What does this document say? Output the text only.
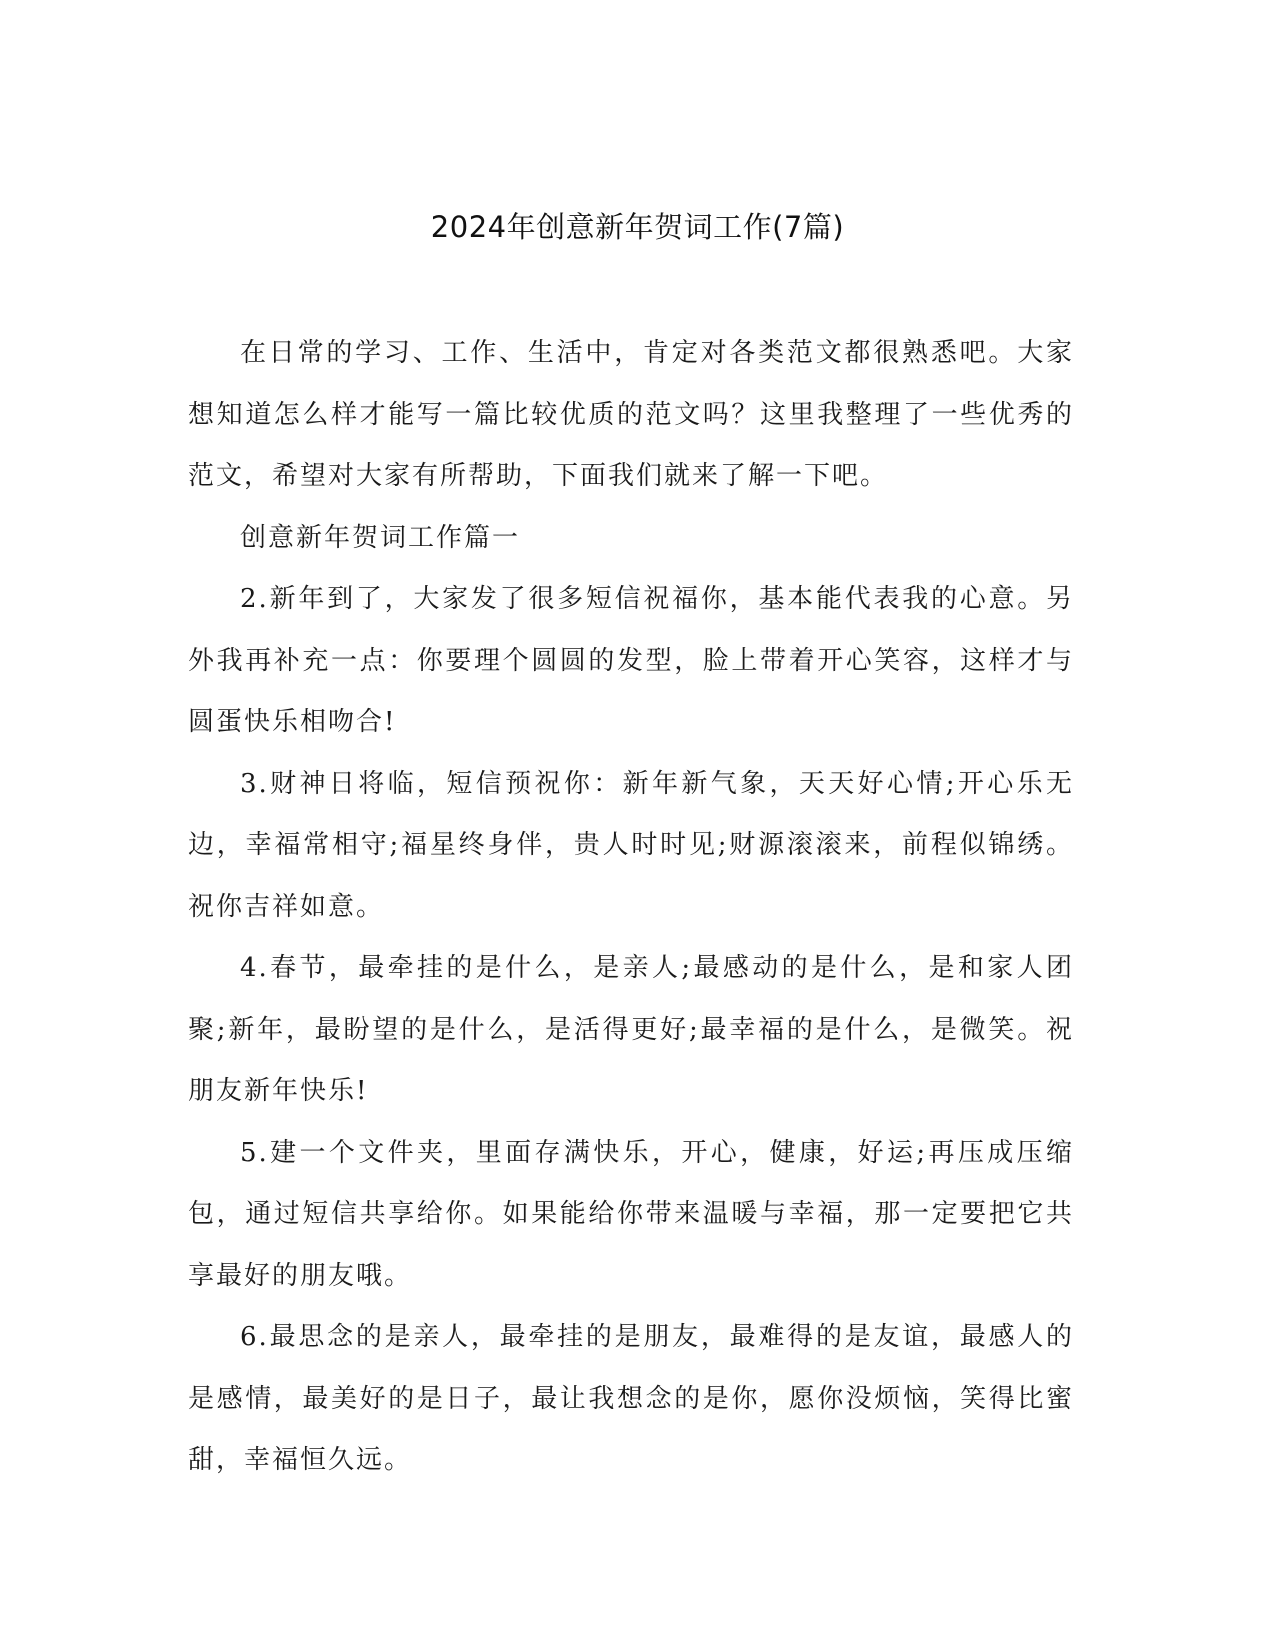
2024年创意新年贺词工作(7篇)

在日常的学习、工作、生活中，肯定对各类范文都很熟悉吧。大家想知道怎么样才能写一篇比较优质的范文吗？这里我整理了一些优秀的范文，希望对大家有所帮助，下面我们就来了解一下吧。

创意新年贺词工作篇一

2.新年到了，大家发了很多短信祝福你，基本能代表我的心意。另外我再补充一点：你要理个圆圆的发型，脸上带着开心笑容，这样才与圆蛋快乐相吻合!

3.财神日将临，短信预祝你：新年新气象，天天好心情;开心乐无边，幸福常相守;福星终身伴，贵人时时见;财源滚滚来，前程似锦绣。祝你吉祥如意。

4.春节，最牵挂的是什么，是亲人;最感动的是什么，是和家人团聚;新年，最盼望的是什么，是活得更好;最幸福的是什么，是微笑。祝朋友新年快乐!

5.建一个文件夹，里面存满快乐，开心，健康，好运;再压成压缩包，通过短信共享给你。如果能给你带来温暖与幸福，那一定要把它共享最好的朋友哦。

6.最思念的是亲人，最牵挂的是朋友，最难得的是友谊，最感人的是感情，最美好的是日子，最让我想念的是你，愿你没烦恼，笑得比蜜甜，幸福恒久远。
